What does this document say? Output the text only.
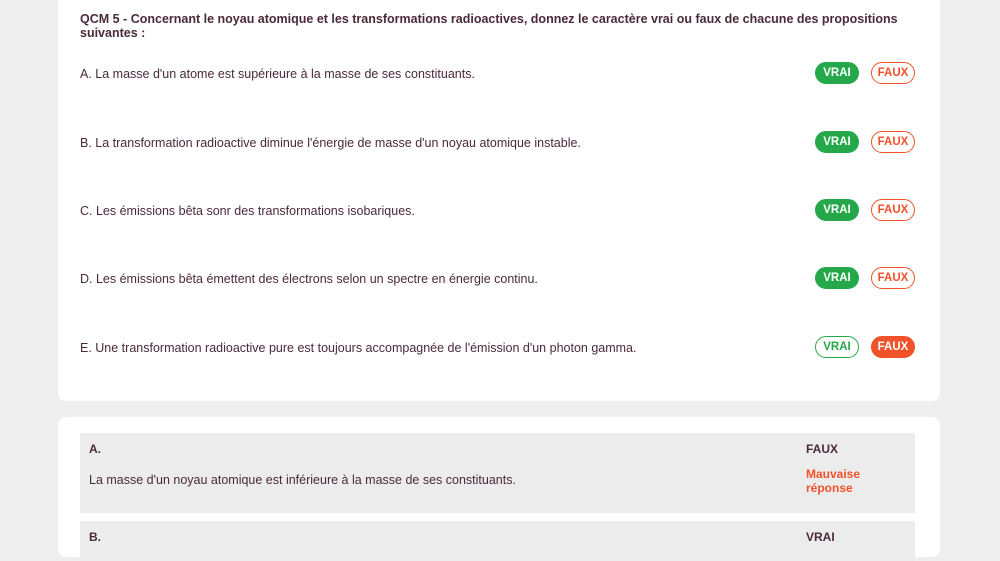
QCM 5 - Concernant le noyau atomique et les transformations radioactives, donnez le caractère vrai ou faux de chacune des propositions suivantes :
A. La masse d'un atome est supérieure à la masse de ses constituants.	VRAI	FAUX
B. La transformation radioactive diminue l'énergie de masse d'un noyau atomique instable.	VRAI	FAUX
C. Les émissions bêta sonr des transformations isobariques.	VRAI	FAUX
D. Les émissions bêta émettent des électrons selon un spectre en énergie continu.	VRAI	FAUX
E. Une transformation radioactive pure est toujours accompagnée de l'émission d'un photon gamma.	VRAI	FAUX
A.	FAUX
La masse d'un noyau atomique est inférieure à la masse de ses constituants.	Mauvaise réponse
B.	VRAI
